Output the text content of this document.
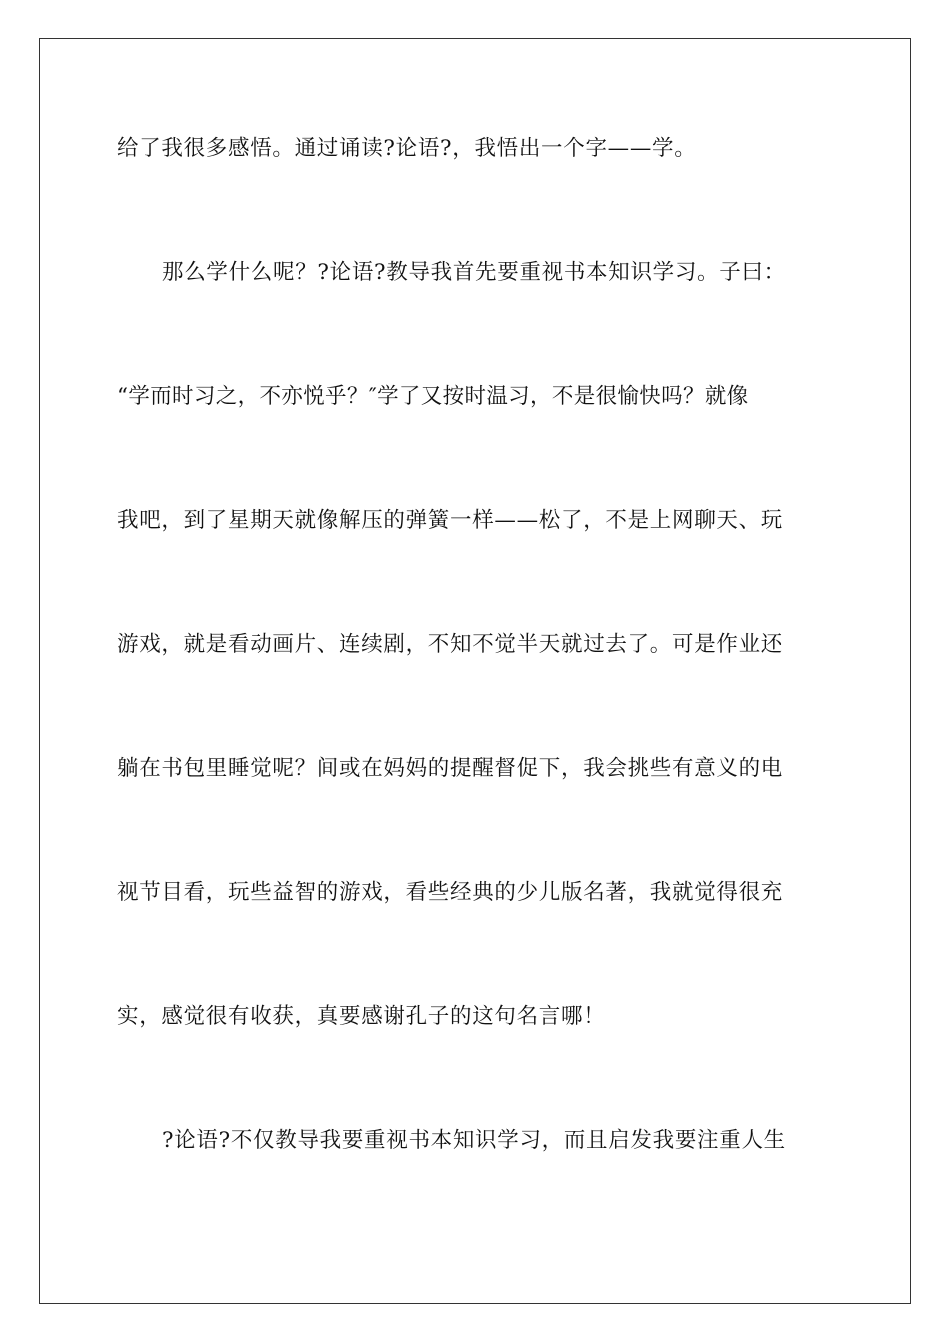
给了我很多感悟。通过诵读?论语?，我悟出一个字——学。
那么学什么呢？?论语?教导我首先要重视书本知识学习。子曰：
“学而时习之，不亦悦乎？″学了又按时温习，不是很愉快吗？就像
我吧，到了星期天就像解压的弹簧一样——松了，不是上网聊天、玩
游戏，就是看动画片、连续剧，不知不觉半天就过去了。可是作业还
躺在书包里睡觉呢？间或在妈妈的提醒督促下，我会挑些有意义的电
视节目看，玩些益智的游戏，看些经典的少儿版名著，我就觉得很充
实，感觉很有收获，真要感谢孔子的这句名言哪！
?论语?不仅教导我要重视书本知识学习，而且启发我要注重人生
